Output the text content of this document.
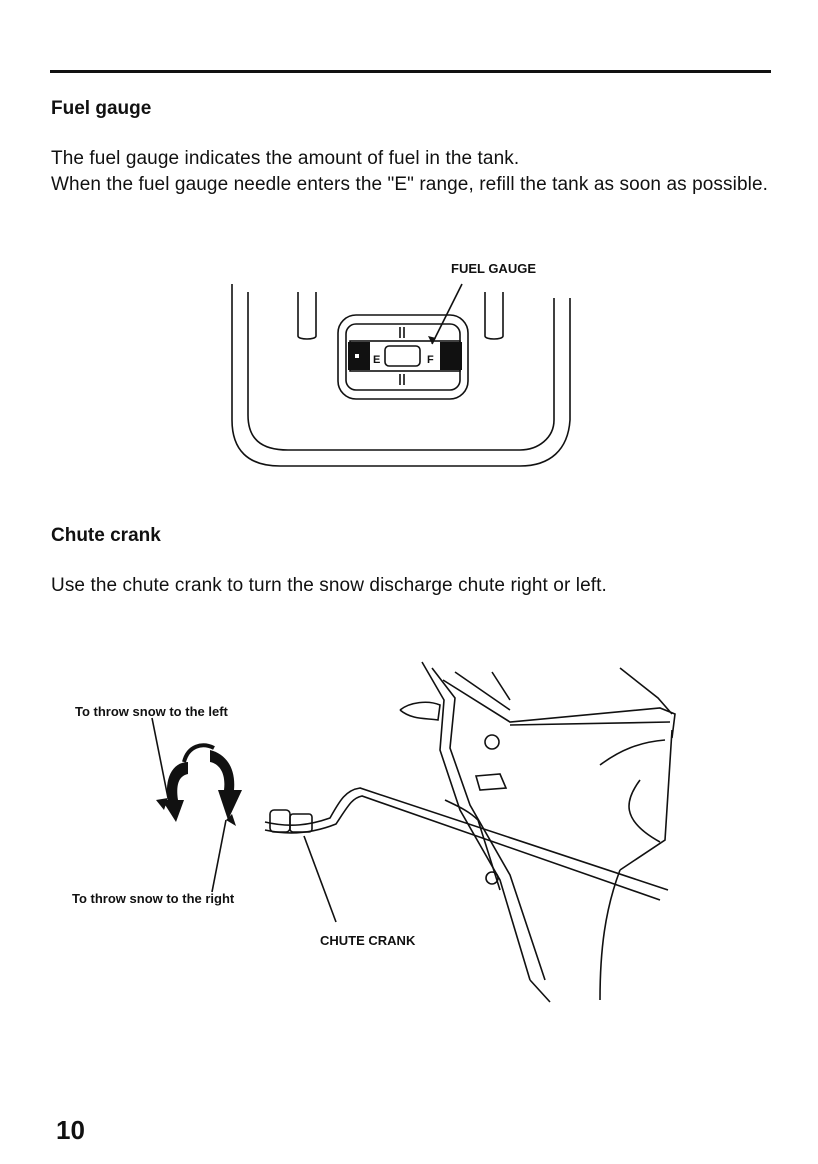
Fuel gauge

The fuel gauge indicates the amount of fuel in the tank.

When the fuel gauge needle enters the "E" range, refill the tank as soon as possible.

FUEL GAUGE
E	F
Chute crank

Use the chute crank to turn the snow discharge chute right or left.

To throw snow to the left
To throw snow to the right
CHUTE CRANK
10
